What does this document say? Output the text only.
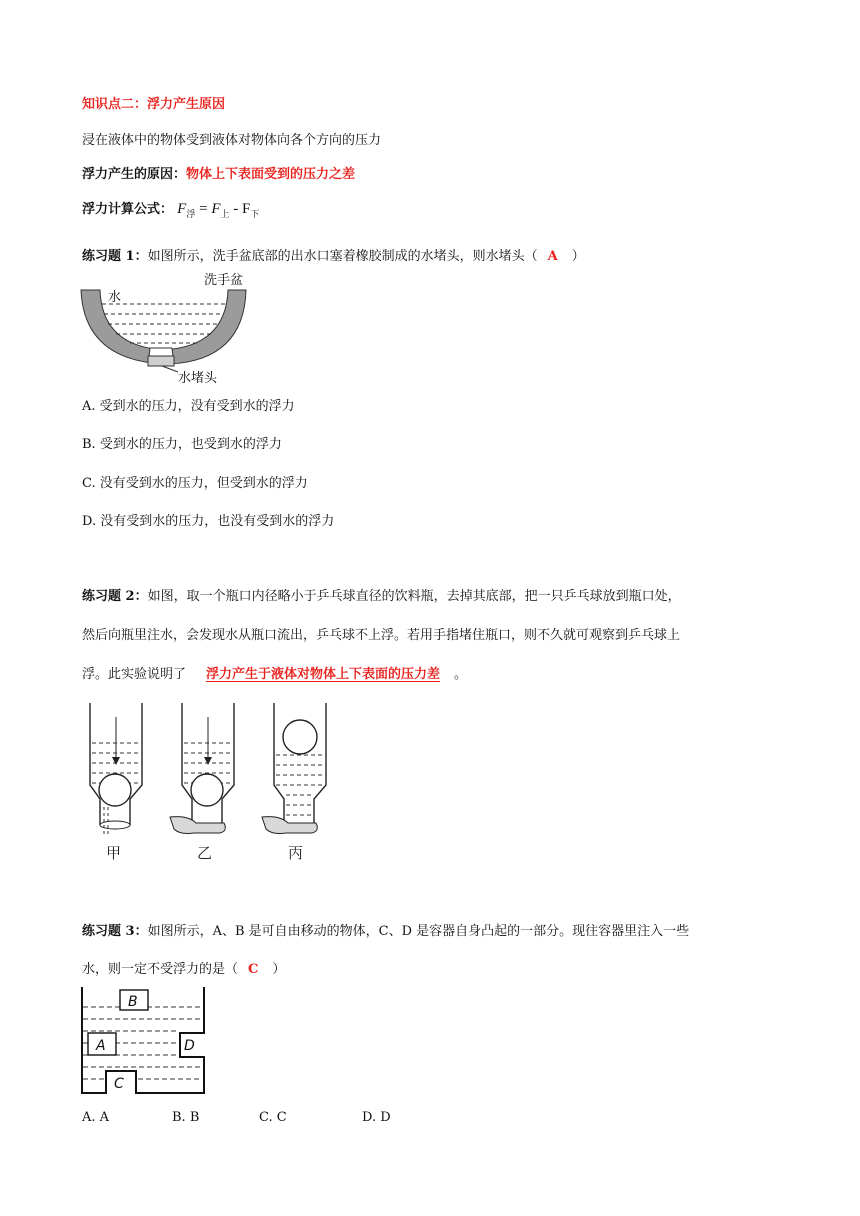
知识点二：浮力产生原因
浸在液体中的物体受到液体对物体向各个方向的压力
浮力产生的原因：物体上下表面受到的压力之差
浮力计算公式： $F_浮 = F_上 - F_下$
练习题 1：如图所示，洗手盆底部的出水口塞着橡胶制成的水堵头，则水堵头（ A ）
水
洗手盆
水堵头
A. 受到水的压力，没有受到水的浮力
B. 受到水的压力，也受到水的浮力
C. 没有受到水的压力，但受到水的浮力
D. 没有受到水的压力，也没有受到水的浮力
练习题 2：如图，取一个瓶口内径略小于乒乓球直径的饮料瓶，去掉其底部，把一只乒乓球放到瓶口处，
然后向瓶里注水，会发现水从瓶口流出，乒乓球不上浮。若用手指堵住瓶口，则不久就可观察到乒乓球上
浮。此实验说明了 浮力产生于液体对物体上下表面的压力差 。
甲	乙	丙
练习题 3：如图所示，A、B 是可自由移动的物体，C、D 是容器自身凸起的一部分。现往容器里注入一些
水，则一定不受浮力的是（ C ）
B
A	D
C
A. A	B. B	C. C	D. D
